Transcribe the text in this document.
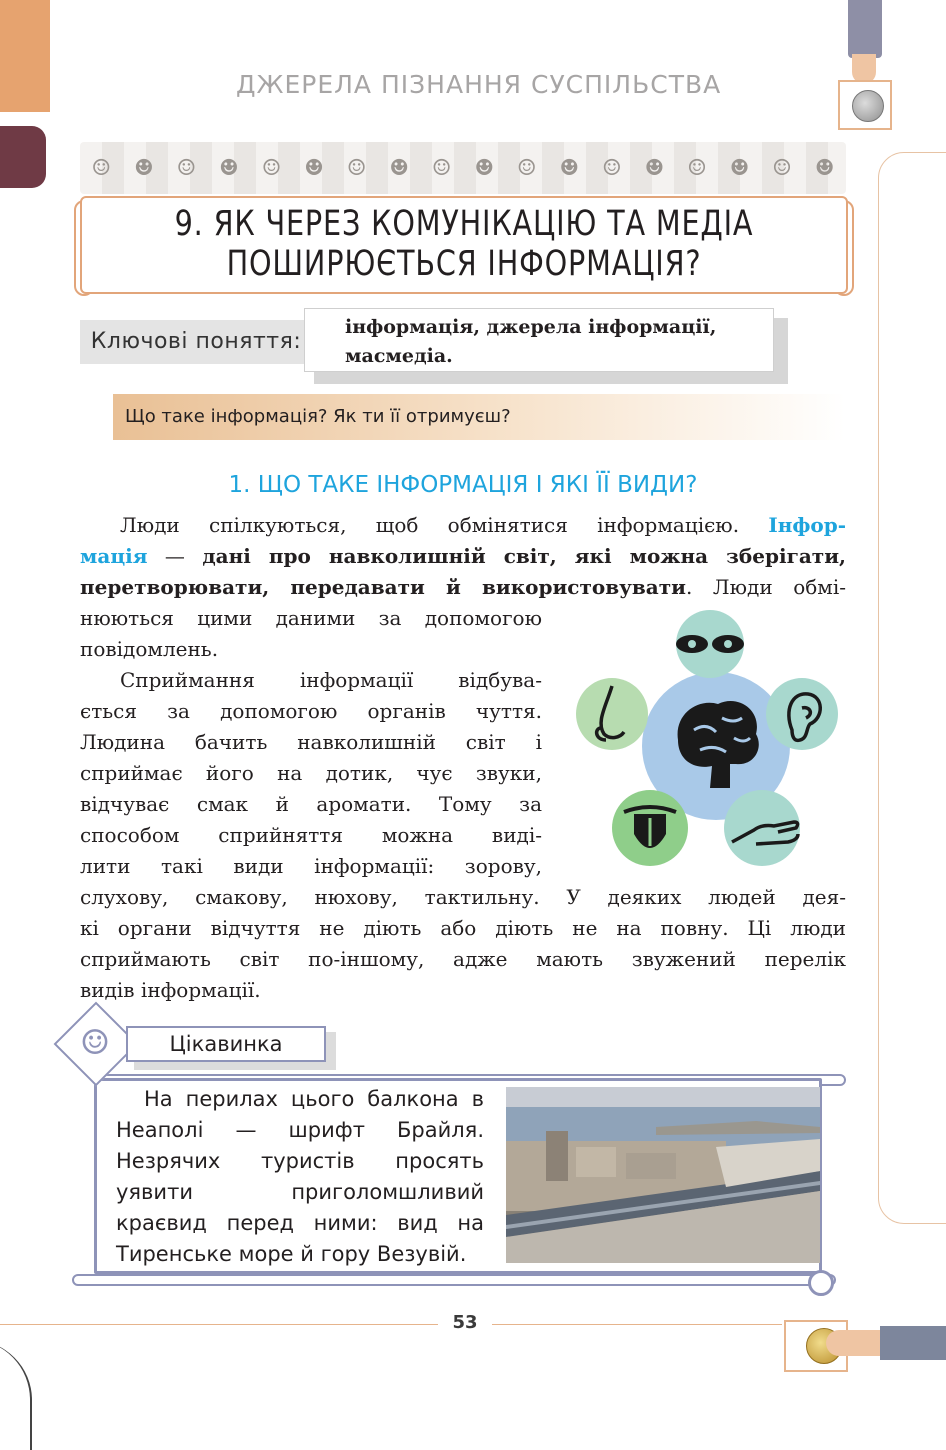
ДЖЕРЕЛА ПІЗНАННЯ СУСПІЛЬСТВА
☺ ☻ ☺ ☻ ☺ ☻ ☺ ☻ ☺ ☻ ☺ ☻ ☺ ☻ ☺ ☻ ☺ ☻
9. ЯК ЧЕРЕЗ КОМУНІКАЦІЮ ТА МЕДІА
ПОШИРЮЄТЬСЯ ІНФОРМАЦІЯ?
Ключові поняття:
інформація, джерела інформації,
масмедіа.
Що таке інформація? Як ти її отримуєш?
1. ЩО ТАКЕ ІНФОРМАЦІЯ І ЯКІ ЇЇ ВИДИ?
Люди спілкуються, щоб обмінятися інформацією. Інфор-
мація — дані про навколишній світ, які можна зберігати,
перетворювати, передавати й використовувати. Люди обмі-
нюються цими даними за допомогою
повідомлень.
Сприймання інформації відбува-
ється за допомогою органів чуття.
Людина бачить навколишній світ і
сприймає його на дотик, чує звуки,
відчуває смак й аромати. Тому за
способом сприйняття можна виді-
лити такі види інформації: зорову,
слухову, смакову, нюхову, тактильну. У деяких людей дея-
кі органи відчуття не діють або діють не на повну. Ці люди
сприймають світ по-іншому, адже мають звужений перелік
видів інформації.
☺	Цікавинка
На перилах цього балкона в Неаполі — шрифт Брайля. Незрячих туристів просять уявити приголомшливий краєвид перед ними: вид на Тиренське море й гору Везувій.
53
